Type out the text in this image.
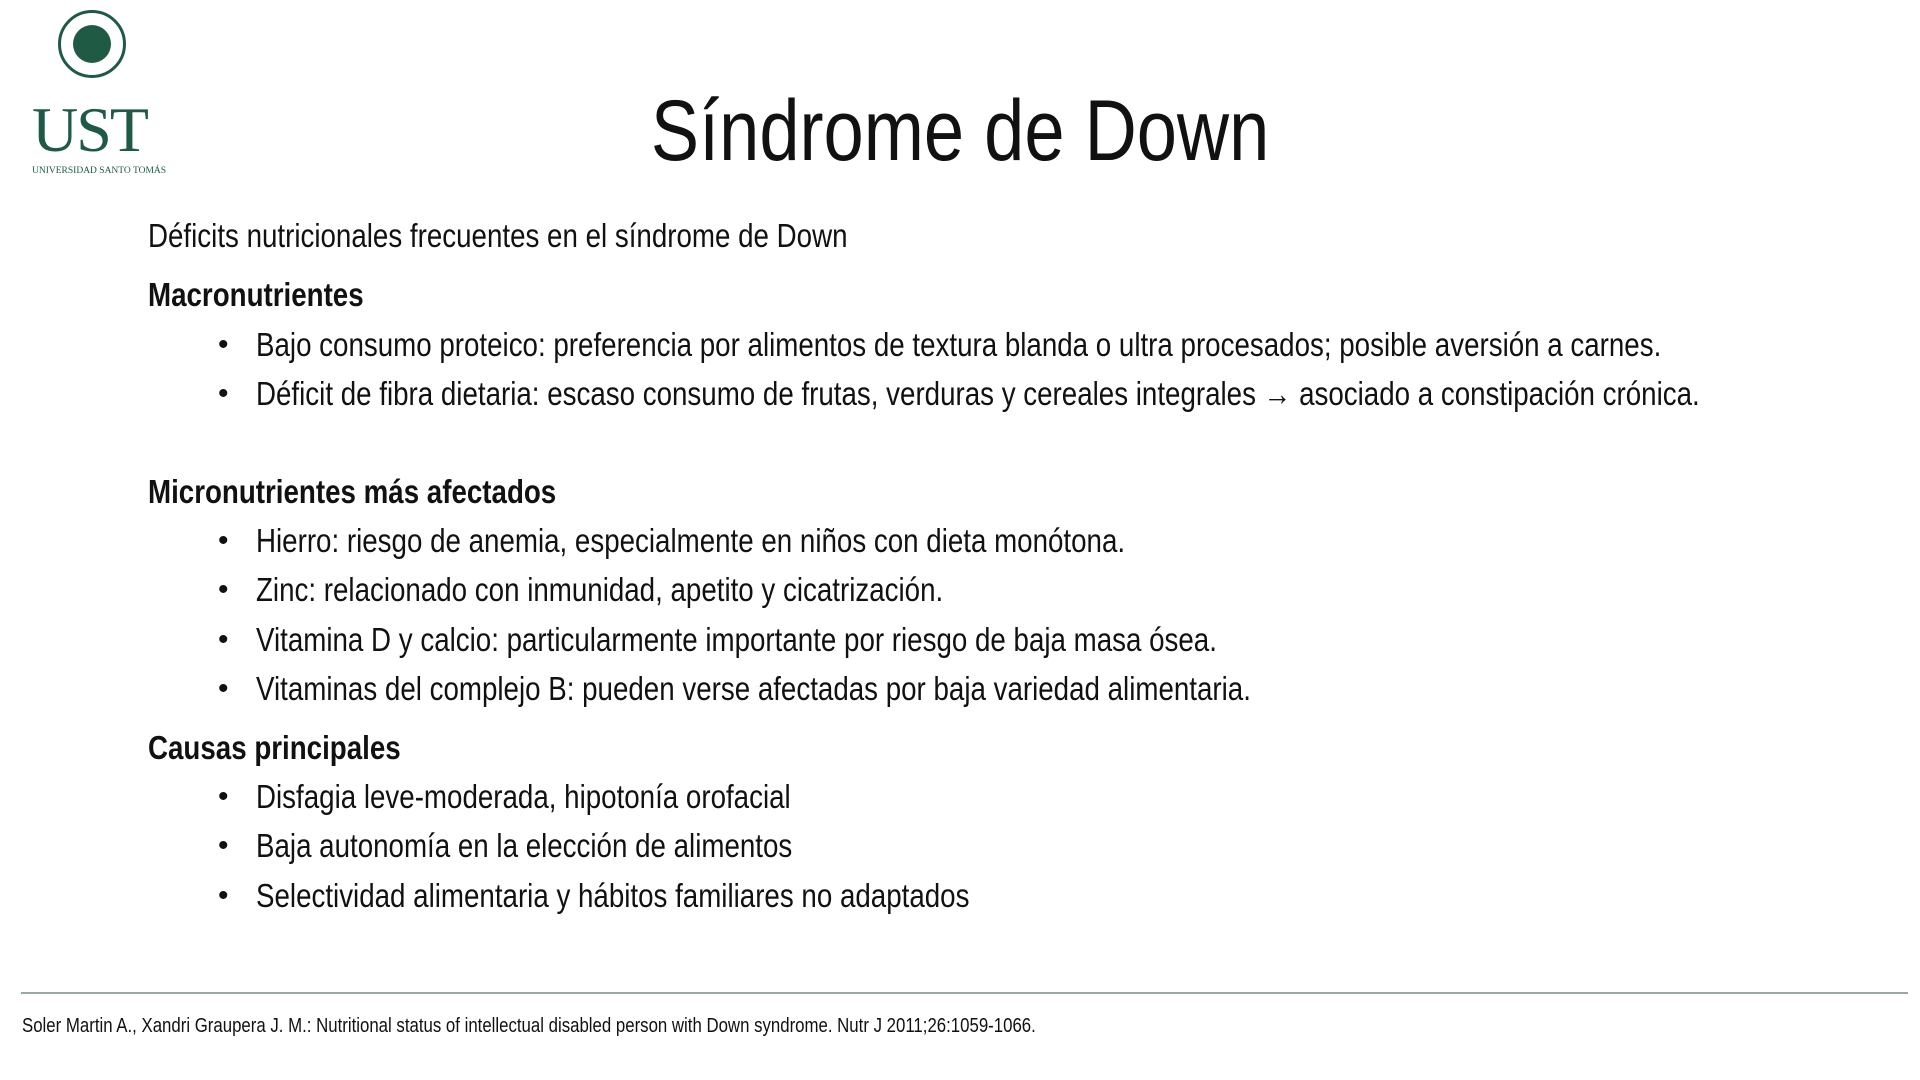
UST
UNIVERSIDAD SANTO TOMÁS	Síndrome de Down
Déficits nutricionales frecuentes en el síndrome de Down
Macronutrientes
• Bajo consumo proteico: preferencia por alimentos de textura blanda o ultra procesados; posible aversión a carnes.
• Déficit de fibra dietaria: escaso consumo de frutas, verduras y cereales integrales → asociado a constipación crónica.
Micronutrientes más afectados
• Hierro: riesgo de anemia, especialmente en niños con dieta monótona.
• Zinc: relacionado con inmunidad, apetito y cicatrización.
• Vitamina D y calcio: particularmente importante por riesgo de baja masa ósea.
• Vitaminas del complejo B: pueden verse afectadas por baja variedad alimentaria.
Causas principales
• Disfagia leve-moderada, hipotonía orofacial
• Baja autonomía en la elección de alimentos
• Selectividad alimentaria y hábitos familiares no adaptados
Soler Martin A., Xandri Graupera J. M.: Nutritional status of intellectual disabled person with Down syndrome. Nutr J 2011;26:1059-1066.
